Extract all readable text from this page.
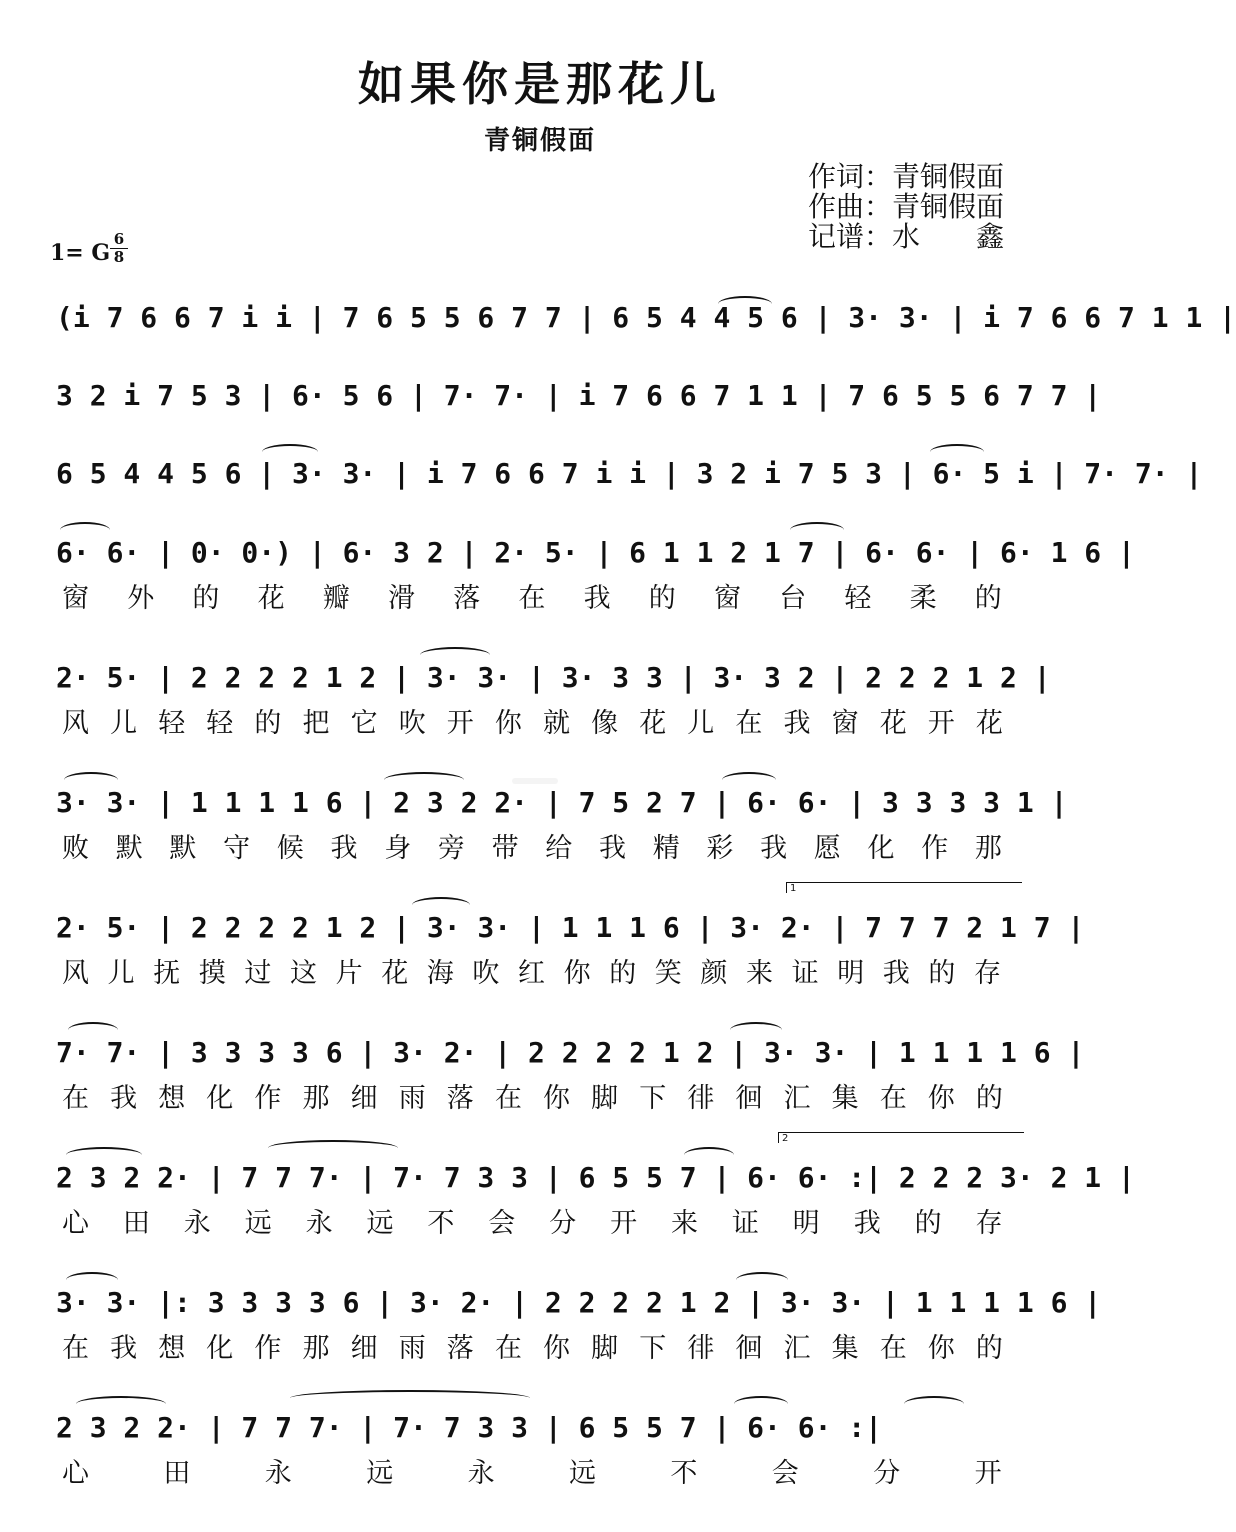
如果你是那花儿
青铜假面
作词：青铜假面
作曲：青铜假面
记谱：水　　鑫
1= G
6
8
(i 7 6 6 7 i i | 7 6 5 5 6 7 7 | 6 5 4 4 5 6 | 3· 3· | i 7 6 6 7 1 1 |
3 2 i 7 5 3 | 6· 5 6 | 7· 7· | i 7 6 6 7 1 1 | 7 6 5 5 6 7 7 |
6 5 4 4 5 6 | 3· 3· | i 7 6 6 7 i i | 3 2 i 7 5 3 | 6· 5 i | 7· 7· |
6· 6· | 0· 0·) | 6· 3 2 | 2· 5· | 6 1 1 2 1 7 | 6· 6· | 6· 1 6 |
窗外的花瓣滑落在我的窗台轻柔的
2· 5· | 2 2 2 2 1 2 | 3· 3· | 3· 3 3 | 3· 3 2 | 2 2 2 1 2 |
风儿轻轻的把它吹开你就像花儿在我窗花开花
3· 3· | 1 1 1 1 6 | 2 3 2 2· | 7 5 2 7 | 6· 6· | 3 3 3 3 1 |
败默默守候我身旁带给我精彩我愿化作那
2· 5· | 2 2 2 2 1 2 | 3· 3· | 1 1 1 6 | 3· 2· | 7 7 7 2 1 7 |
风儿抚摸过这片花海吹红你的笑颜来证明我的存
7· 7· | 3 3 3 3 6 | 3· 2· | 2 2 2 2 1 2 | 3· 3· | 1 1 1 1 6 |
在我想化作那细雨落在你脚下徘徊汇集在你的
2 3 2 2· | 7 7 7· | 7· 7 3 3 | 6 5 5 7 | 6· 6· :| 2 2 2 3· 2 1 |
心田永远永远不会分开来证明我的存
3· 3· |: 3 3 3 3 6 | 3· 2· | 2 2 2 2 1 2 | 3· 3· | 1 1 1 1 6 |
在我想化作那细雨落在你脚下徘徊汇集在你的
2 3 2 2· | 7 7 7· | 7· 7 3 3 | 6 5 5 7 | 6· 6· :|
心田永远永远不会分开
1
2
